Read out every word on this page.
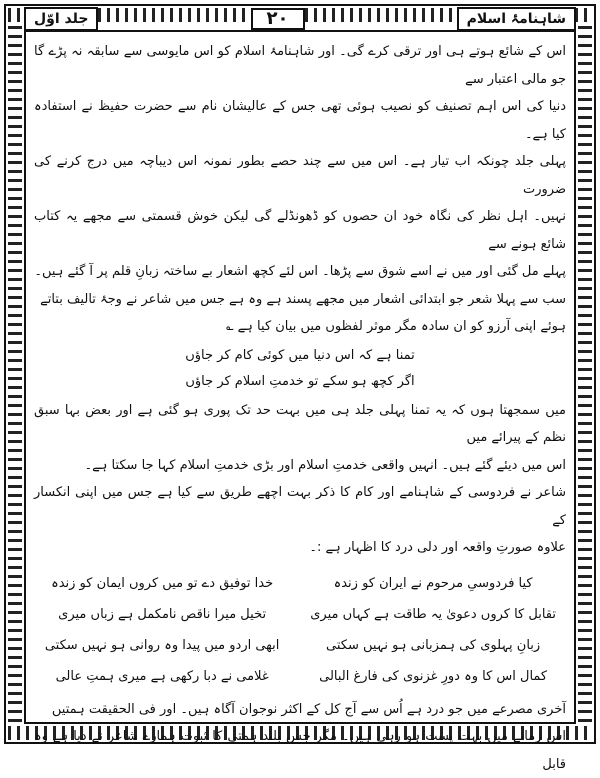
شاہنامۂ اسلام
٢٠
جلد اوّل

اس کے شائع ہوتے ہی اور ترقی کرے گی۔ اور شاہنامۂ اسلام کو اس مایوسی سے سابقہ نہ پڑے گا جو مالی اعتبار سے

دنیا کی اس اہم تصنیف کو نصیب ہوئی تھی جس کے عالیشان نام سے حضرت حفیظ نے استفادہ کیا ہے۔

پہلی جلد چونکہ اب تیار ہے۔ اس میں سے چند حصے بطور نمونہ اس دیباچہ میں درج کرنے کی ضرورت

نہیں۔ اہل نظر کی نگاہ خود ان حصوں کو ڈھونڈلے گی لیکن خوش قسمتی سے مجھے یہ کتاب شائع ہونے سے

پہلے مل گئی اور میں نے اسے شوق سے پڑھا۔ اس لئے کچھ اشعار بے ساختہ زبانِ قلم پر آ گئے ہیں۔

سب سے پہلا شعر جو ابتدائی اشعار میں مجھے پسند ہے وہ ہے جس میں شاعر نے وجۂ تالیف بتاتے

ہوئے اپنی آرزو کو ان سادہ مگر موثر لفظوں میں بیان کیا ہے ؎

تمنا ہے کہ اس دنیا میں کوئی کام کر جاؤں
اگر کچھ ہو سکے تو خدمتِ اسلام کر جاؤں

میں سمجھتا ہوں کہ یہ تمنا پہلی جلد ہی میں بہت حد تک پوری ہو گئی ہے اور بعض بہا سبق نظم کے پیرائے میں

اس میں دیئے گئے ہیں۔ انہیں واقعی خدمتِ اسلام اور بڑی خدمتِ اسلام کہا جا سکتا ہے۔

شاعر نے فردوسی کے شاہنامے اور کام کا ذکر بہت اچھے طریق سے کیا ہے جس میں اپنی انکسار کے

علاوہ صورتِ واقعہ اور دلی درد کا اظہار ہے :۔

کیا فردوسیِ مرحوم نے ایران کو زندہ
خدا توفیق دے تو میں کروں ایمان کو زندہ
تقابل کا کروں دعویٰ یہ طاقت ہے کہاں میری
تخیل میرا ناقص نامکمل ہے زباں میری
زبانِ پہلوی کی ہمزبانی ہو نہیں سکتی
ابھی اردو میں پیدا وہ روانی ہو نہیں سکتی
کمال اس کا وہ دورِ غزنوی کی فارغ البالی
غلامی نے دبا رکھی ہے میری ہمتِ عالی

آخری مصرعے میں جو درد ہے اُس سے آج کل کے اکثر نوجوان آگاہ ہیں۔ اور فی الحقیقت ہمتیں

اس زمانے میں بہت پست ہو رہی ہیں۔ مگر جس بلند ہمتی کا ثبوت ہمارے شاعر نے دیا ہے وہ قابل
